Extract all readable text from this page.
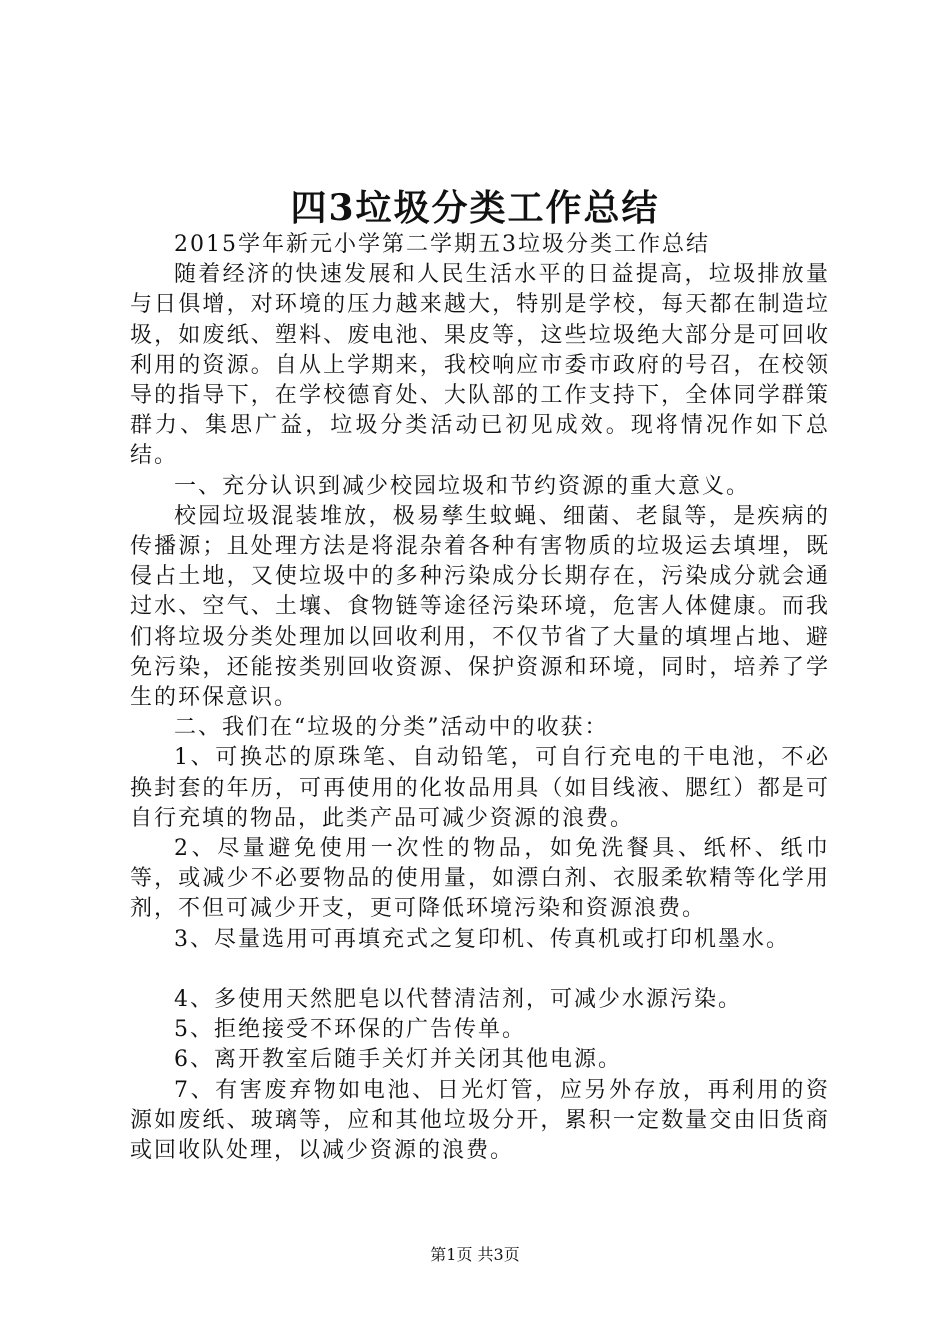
四3垃圾分类工作总结

2015学年新元小学第二学期五3垃圾分类工作总结

随着经济的快速发展和人民生活水平的日益提高，垃圾排放量与日俱增，对环境的压力越来越大，特别是学校，每天都在制造垃圾，如废纸、塑料、废电池、果皮等，这些垃圾绝大部分是可回收利用的资源。自从上学期来，我校响应市委市政府的号召，在校领导的指导下，在学校德育处、大队部的工作支持下，全体同学群策群力、集思广益，垃圾分类活动已初见成效。现将情况作如下总结。

一、充分认识到减少校园垃圾和节约资源的重大意义。

校园垃圾混装堆放，极易孳生蚊蝇、细菌、老鼠等，是疾病的传播源；且处理方法是将混杂着各种有害物质的垃圾运去填埋，既侵占土地，又使垃圾中的多种污染成分长期存在，污染成分就会通过水、空气、土壤、食物链等途径污染环境，危害人体健康。而我们将垃圾分类处理加以回收利用，不仅节省了大量的填埋占地、避免污染，还能按类别回收资源、保护资源和环境，同时，培养了学生的环保意识。

二、我们在“垃圾的分类”活动中的收获：

1、可换芯的原珠笔、自动铅笔，可自行充电的干电池，不必换封套的年历，可再使用的化妆品用具（如目线液、腮红）都是可自行充填的物品，此类产品可减少资源的浪费。

2、尽量避免使用一次性的物品，如免洗餐具、纸杯、纸巾等，或减少不必要物品的使用量，如漂白剂、衣服柔软精等化学用剂，不但可减少开支，更可降低环境污染和资源浪费。

3、尽量选用可再填充式之复印机、传真机或打印机墨水。

4、多使用天然肥皂以代替清洁剂，可减少水源污染。

5、拒绝接受不环保的广告传单。

6、离开教室后随手关灯并关闭其他电源。

7、有害废弃物如电池、日光灯管，应另外存放，再利用的资源如废纸、玻璃等，应和其他垃圾分开，累积一定数量交由旧货商或回收队处理，以减少资源的浪费。

第1页 共3页
